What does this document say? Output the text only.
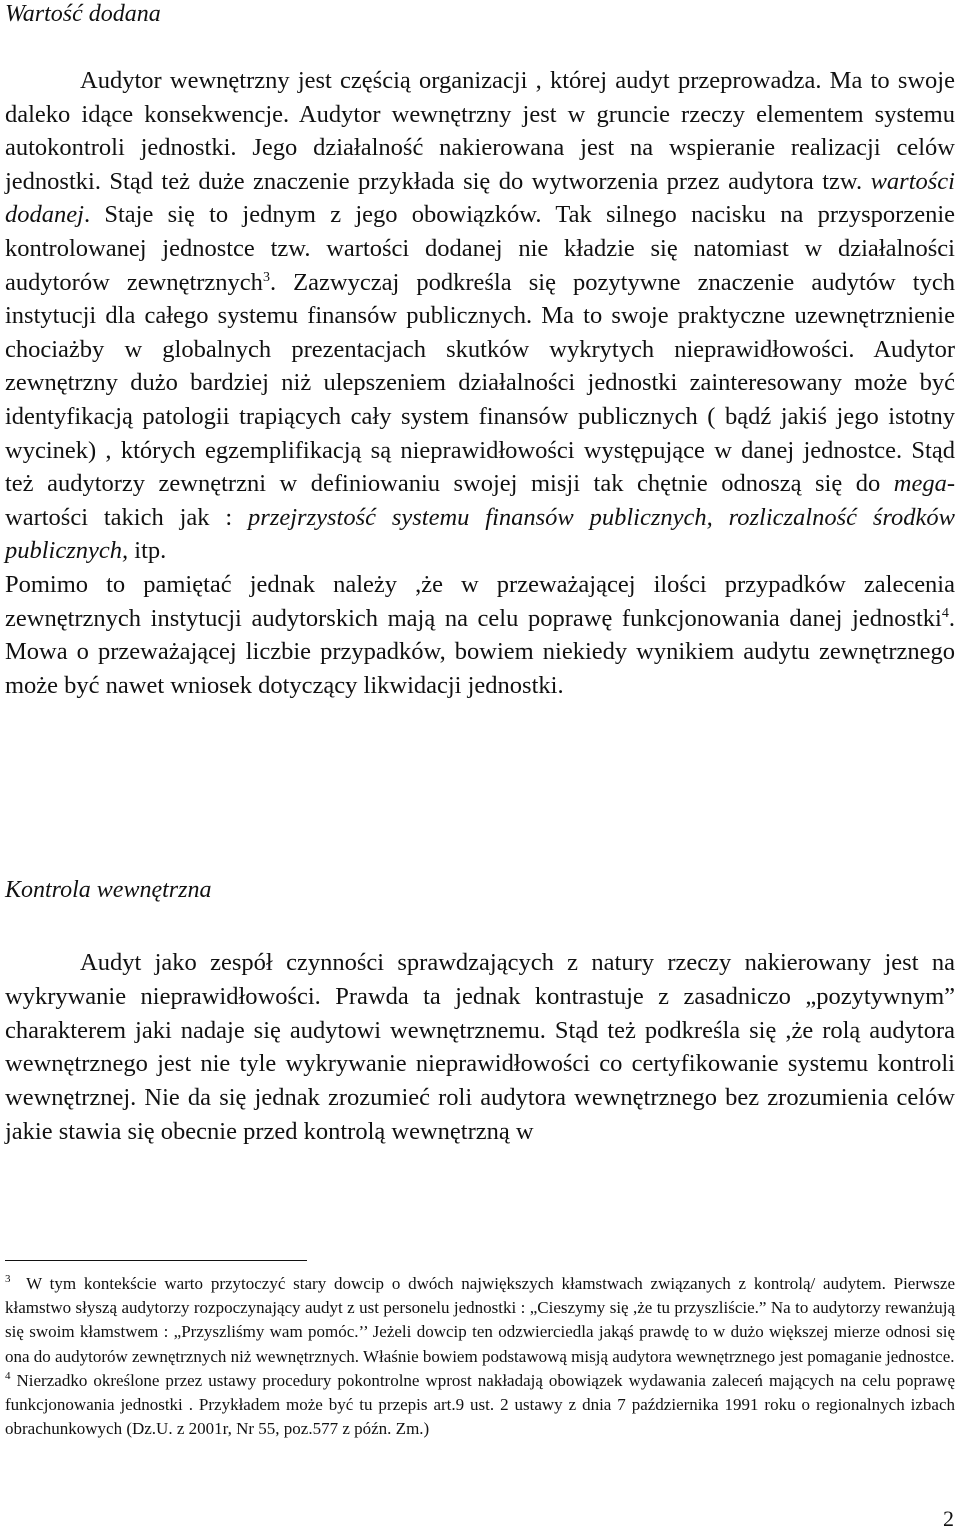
Wartość dodana

Audytor wewnętrzny jest częścią organizacji , której audyt przeprowadza. Ma to swoje daleko idące konsekwencje. Audytor wewnętrzny jest w gruncie rzeczy elementem systemu autokontroli jednostki. Jego działalność nakierowana jest na wspieranie realizacji celów jednostki. Stąd też duże znaczenie przykłada się do wytworzenia przez audytora tzw. wartości dodanej. Staje się to jednym z jego obowiązków. Tak silnego nacisku na przysporzenie kontrolowanej jednostce tzw. wartości dodanej nie kładzie się natomiast w działalności audytorów zewnętrznych$^3$. Zazwyczaj podkreśla się pozytywne znaczenie audytów tych instytucji dla całego systemu finansów publicznych. Ma to swoje praktyczne uzewnętrznienie chociażby w globalnych prezentacjach skutków wykrytych nieprawidłowości. Audytor zewnętrzny dużo bardziej niż ulepszeniem działalności jednostki zainteresowany może być identyfikacją patologii trapiących cały system finansów publicznych ( bądź jakiś jego istotny wycinek) , których egzemplifikacją są nieprawidłowości występujące w danej jednostce. Stąd też audytorzy zewnętrzni w definiowaniu swojej misji tak chętnie odnoszą się do mega- wartości takich jak : przejrzystość systemu finansów publicznych, rozliczalność środków publicznych, itp.
Pomimo to pamiętać jednak należy ,że w przeważającej ilości przypadków zalecenia zewnętrznych instytucji audytorskich mają na celu poprawę funkcjonowania danej jednostki$^4$. Mowa o przeważającej liczbie przypadków, bowiem niekiedy wynikiem audytu zewnętrznego może być nawet wniosek dotyczący likwidacji jednostki.

Kontrola wewnętrzna

Audyt jako zespół czynności sprawdzających z natury rzeczy nakierowany jest na wykrywanie nieprawidłowości. Prawda ta jednak kontrastuje z zasadniczo „pozytywnym” charakterem jaki nadaje się audytowi wewnętrznemu. Stąd też podkreśla się ,że rolą audytora wewnętrznego jest nie tyle wykrywanie nieprawidłowości co certyfikowanie systemu kontroli wewnętrznej. Nie da się jednak zrozumieć roli audytora wewnętrznego bez zrozumienia celów jakie stawia się obecnie przed kontrolą wewnętrzną w

$^3$ W tym kontekście warto przytoczyć stary dowcip o dwóch największych kłamstwach związanych z kontrolą/ audytem. Pierwsze kłamstwo słyszą audytorzy rozpoczynający audyt z ust personelu jednostki : „Cieszymy się ,że tu przyszliście.” Na to audytorzy rewanżują się swoim kłamstwem : „Przyszliśmy wam pomóc.’’ Jeżeli dowcip ten odzwierciedla jakąś prawdę to w dużo większej mierze odnosi się ona do audytorów zewnętrznych niż wewnętrznych. Właśnie bowiem podstawową misją audytora wewnętrznego jest pomaganie jednostce.
$^4$ Nierzadko określone przez ustawy procedury pokontrolne wprost nakładają obowiązek wydawania zaleceń mających na celu poprawę funkcjonowania jednostki . Przykładem może być tu przepis art.9 ust. 2 ustawy z dnia 7 października 1991 roku o regionalnych izbach obrachunkowych (Dz.U. z 2001r, Nr 55, poz.577 z późn. Zm.)

2
